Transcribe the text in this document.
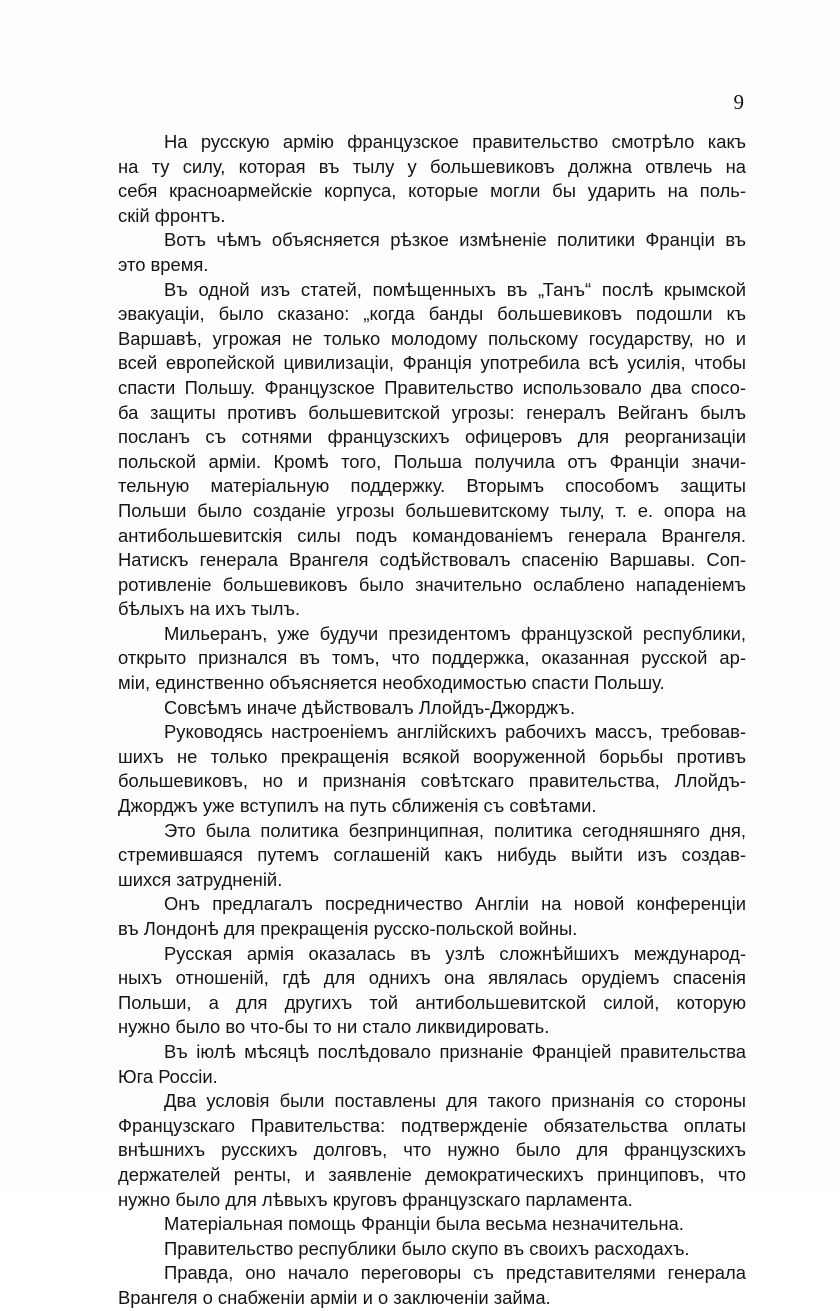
9
На русскую армію французское правительство смотрѣло какъ
на ту силу, которая въ тылу у большевиковъ должна отвлечь на
себя красноармейскіе корпуса, которые могли бы ударить на поль-
скій фронтъ.
Вотъ чѣмъ объясняется рѣзкое измѣненіе политики Франціи въ
это время.
Въ одной изъ статей, помѣщенныхъ въ „Танъ“ послѣ крымской
эвакуаціи, было сказано: „когда банды большевиковъ подошли къ
Варшавѣ, угрожая не только молодому польскому государству, но и
всей европейской цивилизаціи, Франція употребила всѣ усилія, чтобы
спасти Польшу. Французское Правительство использовало два спосо-
ба защиты противъ большевитской угрозы: генералъ Вейганъ былъ
посланъ съ сотнями французскихъ офицеровъ для реорганизаціи
польской арміи. Кромѣ того, Польша получила отъ Франціи значи-
тельную матеріальную поддержку. Вторымъ способомъ защиты
Польши было созданіе угрозы большевитскому тылу, т. е. опора на
антибольшевитскія силы подъ командованіемъ генерала Врангеля.
Натискъ генерала Врангеля содѣйствовалъ спасенію Варшавы. Соп-
ротивленіе большевиковъ было значительно ослаблено нападеніемъ
бѣлыхъ на ихъ тылъ.
Мильеранъ, уже будучи президентомъ французской республики,
открыто признался въ томъ, что поддержка, оказанная русской ар-
міи, единственно объясняется необходимостью спасти Польшу.
Совсѣмъ иначе дѣйствовалъ Ллойдъ-Джорджъ.
Руководясь настроеніемъ англійскихъ рабочихъ массъ, требовав-
шихъ не только прекращенія всякой вооруженной борьбы противъ
большевиковъ, но и признанія совѣтскаго правительства, Ллойдъ-
Джорджъ уже вступилъ на путь сближенія съ совѣтами.
Это была политика безпринципная, политика сегодняшняго дня,
стремившаяся путемъ соглашеній какъ нибудь выйти изъ создав-
шихся затрудненій.
Онъ предлагалъ посредничество Англіи на новой конференціи
въ Лондонѣ для прекращенія русско-польской войны.
Русская армія оказалась въ узлѣ сложнѣйшихъ международ-
ныхъ отношеній, гдѣ для однихъ она являлась орудіемъ спасенія
Польши, а для другихъ той антибольшевитской силой, которую
нужно было во что-бы то ни стало ликвидировать.
Въ іюлѣ мѣсяцѣ послѣдовало признаніе Франціей правительства
Юга Россіи.
Два условія были поставлены для такого признанія со стороны
Французскаго Правительства: подтвержденіе обязательства оплаты
внѣшнихъ русскихъ долговъ, что нужно было для французскихъ
держателей ренты, и заявленіе демократическихъ принциповъ, что
нужно было для лѣвыхъ круговъ французскаго парламента.
Матеріальная помощь Франціи была весьма незначительна.
Правительство республики было скупо въ своихъ расходахъ.
Правда, оно начало переговоры съ представителями генерала
Врангеля о снабженіи арміи и о заключеніи займа.
